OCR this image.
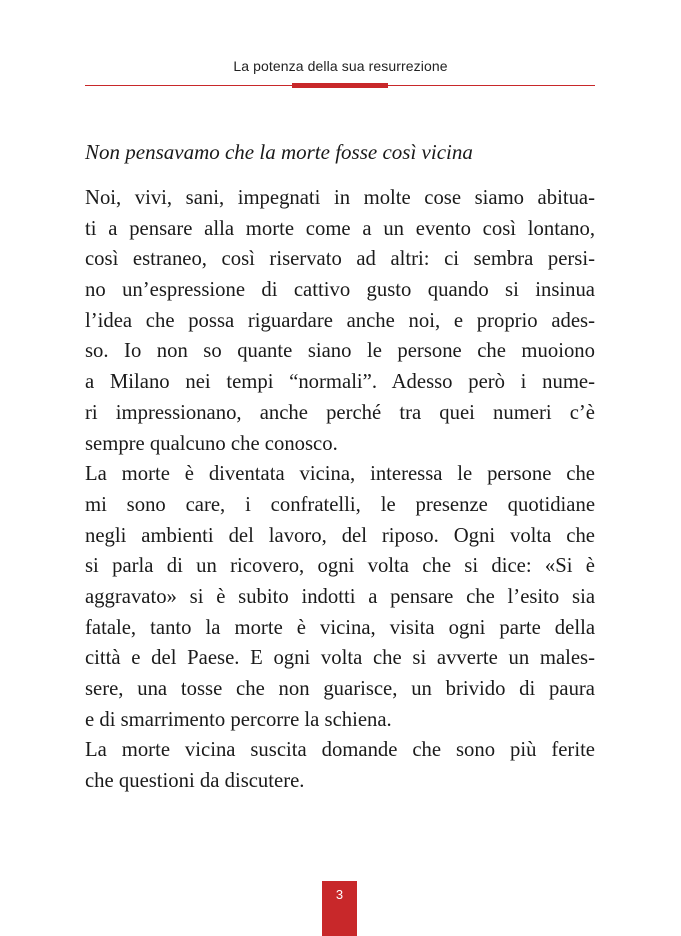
La potenza della sua resurrezione
Non pensavamo che la morte fosse così vicina
Noi, vivi, sani, impegnati in molte cose siamo abitua-
ti a pensare alla morte come a un evento così lontano,
così estraneo, così riservato ad altri: ci sembra persi-
no un’espressione di cattivo gusto quando si insinua
l’idea che possa riguardare anche noi, e proprio ades-
so. Io non so quante siano le persone che muoiono
a Milano nei tempi “normali”. Adesso però i nume-
ri impressionano, anche perché tra quei numeri c’è
sempre qualcuno che conosco.
La morte è diventata vicina, interessa le persone che
mi sono care, i confratelli, le presenze quotidiane
negli ambienti del lavoro, del riposo. Ogni volta che
si parla di un ricovero, ogni volta che si dice: «Si è
aggravato» si è subito indotti a pensare che l’esito sia
fatale, tanto la morte è vicina, visita ogni parte della
città e del Paese. E ogni volta che si avverte un males-
sere, una tosse che non guarisce, un brivido di paura
e di smarrimento percorre la schiena.
La morte vicina suscita domande che sono più ferite
che questioni da discutere.
3
